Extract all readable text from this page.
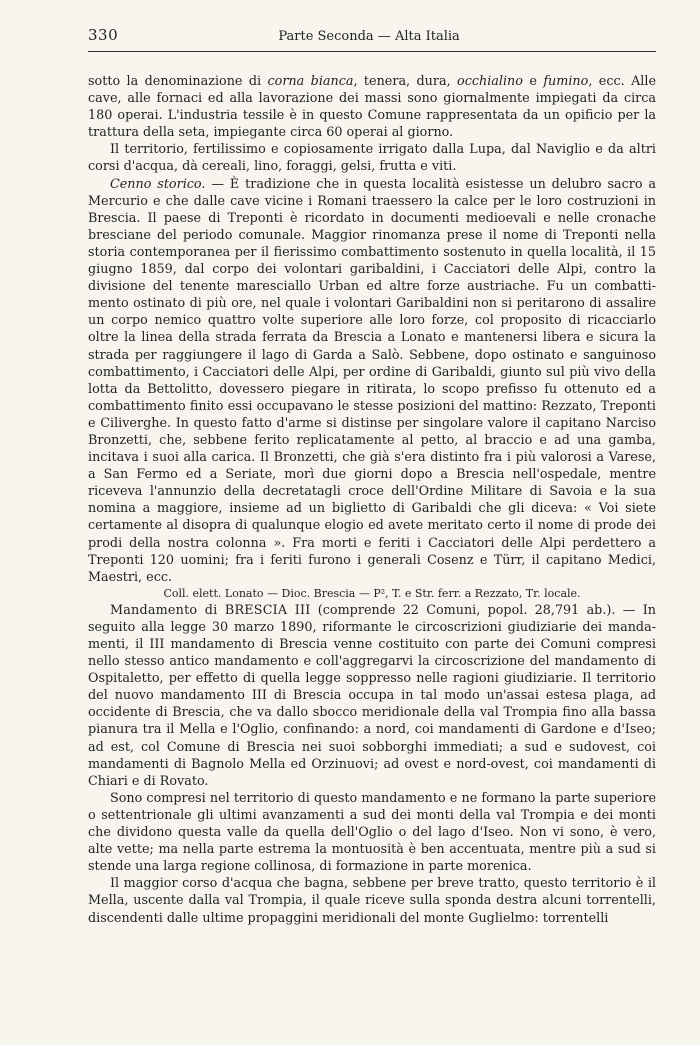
330	Parte Seconda — Alta Italia

sotto la denominazione di corna bianca, tenera, dura, occhialino e fumino, ecc. Alle cave, alle fornaci ed alla lavorazione dei massi sono giornalmente impiegati da circa 180 operai. L'industria tessile è in questo Comune rappresentata da un opificio per la trattura della seta, impiegante circa 60 operai al giorno.

Il territorio, fertilissimo e copiosamente irrigato dalla Lupa, dal Naviglio e da altri corsi d'acqua, dà cereali, lino, foraggi, gelsi, frutta e viti.

Cenno storico. — È tradizione che in questa località esistesse un delubro sacro a Mercurio e che dalle cave vicine i Romani traessero la calce per le loro costruzioni in Brescia. Il paese di Treponti è ricordato in documenti medioevali e nelle cronache bresciane del periodo comunale. Maggior rinomanza prese il nome di Treponti nella storia contemporanea per il fierissimo combattimento sostenuto in quella località, il 15 giugno 1859, dal corpo dei volontari garibaldini, i Cacciatori delle Alpi, contro la divisione del tenente maresciallo Urban ed altre forze austriache. Fu un combattimento ostinato di più ore, nel quale i volontari Garibaldini non si peritarono di assalire un corpo nemico quattro volte superiore alle loro forze, col proposito di ricacciarlo oltre la linea della strada ferrata da Brescia a Lonato e mantenersi libera e sicura la strada per raggiungere il lago di Garda a Salò. Sebbene, dopo ostinato e sanguinoso combattimento, i Cacciatori delle Alpi, per ordine di Garibaldi, giunto sul più vivo della lotta da Bettolitto, dovessero piegare in ritirata, lo scopo prefisso fu ottenuto ed a combattimento finito essi occupavano le stesse posizioni del mattino: Rezzato, Treponti e Ciliverghe. In questo fatto d'arme si distinse per singolare valore il capitano Narciso Bronzetti, che, sebbene ferito replicatamente al petto, al braccio e ad una gamba, incitava i suoi alla carica. Il Bronzetti, che già s'era distinto fra i più valorosi a Varese, a San Fermo ed a Seriate, morì due giorni dopo a Brescia nell'ospedale, mentre riceveva l'annunzio della decretatagli croce dell'Ordine Militare di Savoia e la sua nomina a maggiore, insieme ad un biglietto di Garibaldi che gli diceva: « Voi siete certamente al disopra di qualunque elogio ed avete meritato certo il nome di prode dei prodi della nostra colonna ». Fra morti e feriti i Cacciatori delle Alpi perdettero a Treponti 120 uomini; fra i feriti furono i generali Cosenz e Türr, il capitano Medici, Maestri, ecc.

Coll. elett. Lonato — Dioc. Brescia — P², T. e Str. ferr. a Rezzato, Tr. locale.

Mandamento di BRESCIA III (comprende 22 Comuni, popol. 28,791 ab.). — In seguito alla legge 30 marzo 1890, riformante le circoscrizioni giudiziarie dei mandamenti, il III mandamento di Brescia venne costituito con parte dei Comuni compresi nello stesso antico mandamento e coll'aggregarvi la circoscrizione del mandamento di Ospitaletto, per effetto di quella legge soppresso nelle ragioni giudiziarie. Il territorio del nuovo mandamento III di Brescia occupa in tal modo un'assai estesa plaga, ad occidente di Brescia, che va dallo sbocco meridionale della val Trompia fino alla bassa pianura tra il Mella e l'Oglio, confinando: a nord, coi mandamenti di Gardone e d'Iseo; ad est, col Comune di Brescia nei suoi sobborghi immediati; a sud e sudovest, coi mandamenti di Bagnolo Mella ed Orzinuovi; ad ovest e nord-ovest, coi mandamenti di Chiari e di Rovato.

Sono compresi nel territorio di questo mandamento e ne formano la parte superiore o settentrionale gli ultimi avanzamenti a sud dei monti della val Trompia e dei monti che dividono questa valle da quella dell'Oglio o del lago d'Iseo. Non vi sono, è vero, alte vette; ma nella parte estrema la montuosità è ben accentuata, mentre più a sud si stende una larga regione collinosa, di formazione in parte morenica.

Il maggior corso d'acqua che bagna, sebbene per breve tratto, questo territorio è il Mella, uscente dalla val Trompia, il quale riceve sulla sponda destra alcuni torrentelli, discendenti dalle ultime propaggini meridionali del monte Guglielmo: torrentelli
